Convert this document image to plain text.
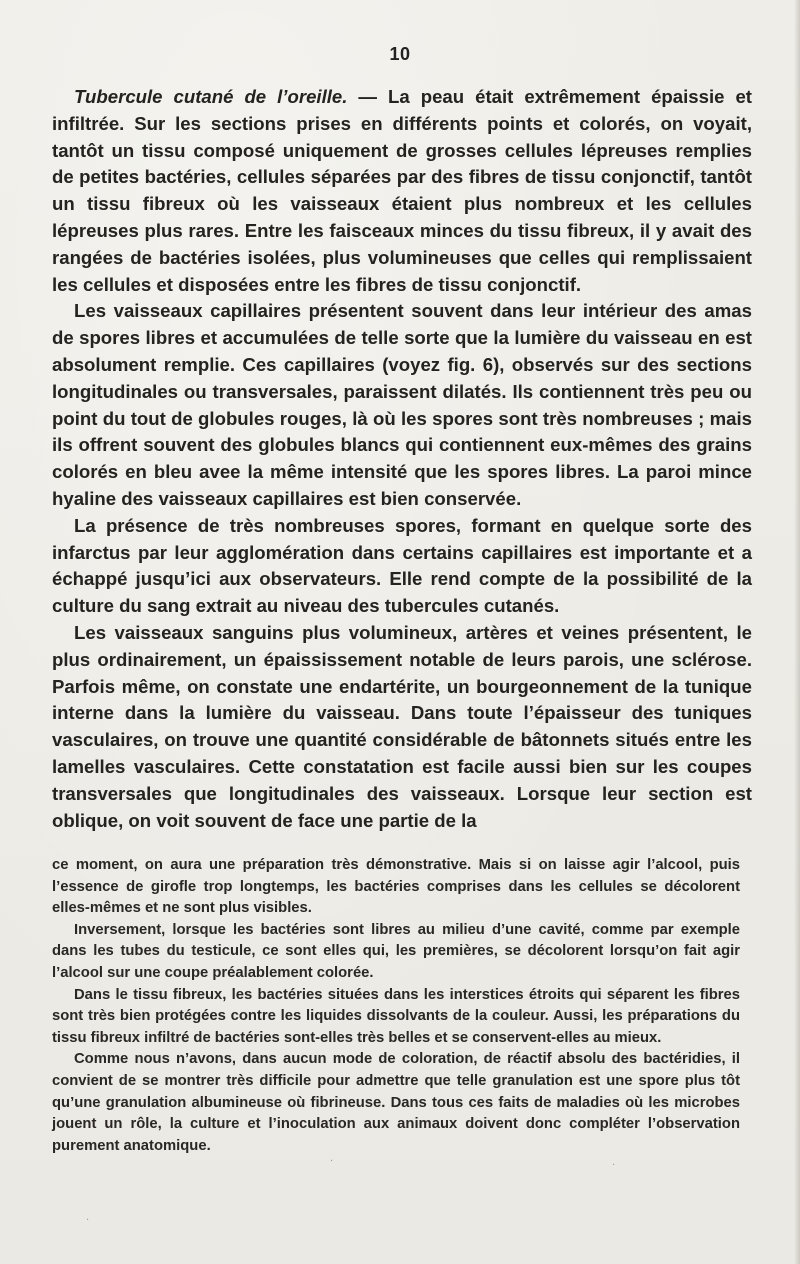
10

Tubercule cutané de l’oreille. — La peau était extrêmement épaissie et infiltrée. Sur les sections prises en différents points et colorés, on voyait, tantôt un tissu composé uniquement de grosses cellules lépreuses remplies de petites bactéries, cellules séparées par des fibres de tissu conjonctif, tantôt un tissu fibreux où les vaisseaux étaient plus nombreux et les cellules lépreuses plus rares. Entre les faisceaux minces du tissu fibreux, il y avait des rangées de bactéries isolées, plus volumineuses que celles qui remplissaient les cellules et disposées entre les fibres de tissu conjonctif.

Les vaisseaux capillaires présentent souvent dans leur intérieur des amas de spores libres et accumulées de telle sorte que la lumière du vaisseau en est absolument remplie. Ces capillaires (voyez fig. 6), observés sur des sections longitudinales ou transversales, paraissent dilatés. Ils contiennent très peu ou point du tout de globules rouges, là où les spores sont très nombreuses ; mais ils offrent souvent des globules blancs qui contiennent eux-mêmes des grains colorés en bleu avee la même intensité que les spores libres. La paroi mince hyaline des vaisseaux capillaires est bien conservée.

La présence de très nombreuses spores, formant en quelque sorte des infarctus par leur agglomération dans certains capillaires est importante et a échappé jusqu’ici aux observateurs. Elle rend compte de la possibilité de la culture du sang extrait au niveau des tubercules cutanés.

Les vaisseaux sanguins plus volumineux, artères et veines présentent, le plus ordinairement, un épaississement notable de leurs parois, une sclérose. Parfois même, on constate une endartérite, un bourgeonnement de la tunique interne dans la lumière du vaisseau. Dans toute l’épaisseur des tuniques vasculaires, on trouve une quantité considérable de bâtonnets situés entre les lamelles vasculaires. Cette constatation est facile aussi bien sur les coupes transversales que longitudinales des vaisseaux. Lorsque leur section est oblique, on voit souvent de face une partie de la

ce moment, on aura une préparation très démonstrative. Mais si on laisse agir l’alcool, puis l’essence de girofle trop longtemps, les bactéries comprises dans les cellules se décolorent elles-mêmes et ne sont plus visibles.

Inversement, lorsque les bactéries sont libres au milieu d’une cavité, comme par exemple dans les tubes du testicule, ce sont elles qui, les premières, se décolorent lorsqu’on fait agir l’alcool sur une coupe préalablement colorée.

Dans le tissu fibreux, les bactéries situées dans les interstices étroits qui séparent les fibres sont très bien protégées contre les liquides dissolvants de la couleur. Aussi, les préparations du tissu fibreux infiltré de bactéries sont-elles très belles et se conservent-elles au mieux.

Comme nous n’avons, dans aucun mode de coloration, de réactif absolu des bactéridies, il convient de se montrer très difficile pour admettre que telle granulation est une spore plus tôt qu’une granulation albumineuse où fibrineuse. Dans tous ces faits de maladies où les microbes jouent un rôle, la culture et l’inoculation aux animaux doivent donc compléter l’observation purement anatomique.

·
·	·
